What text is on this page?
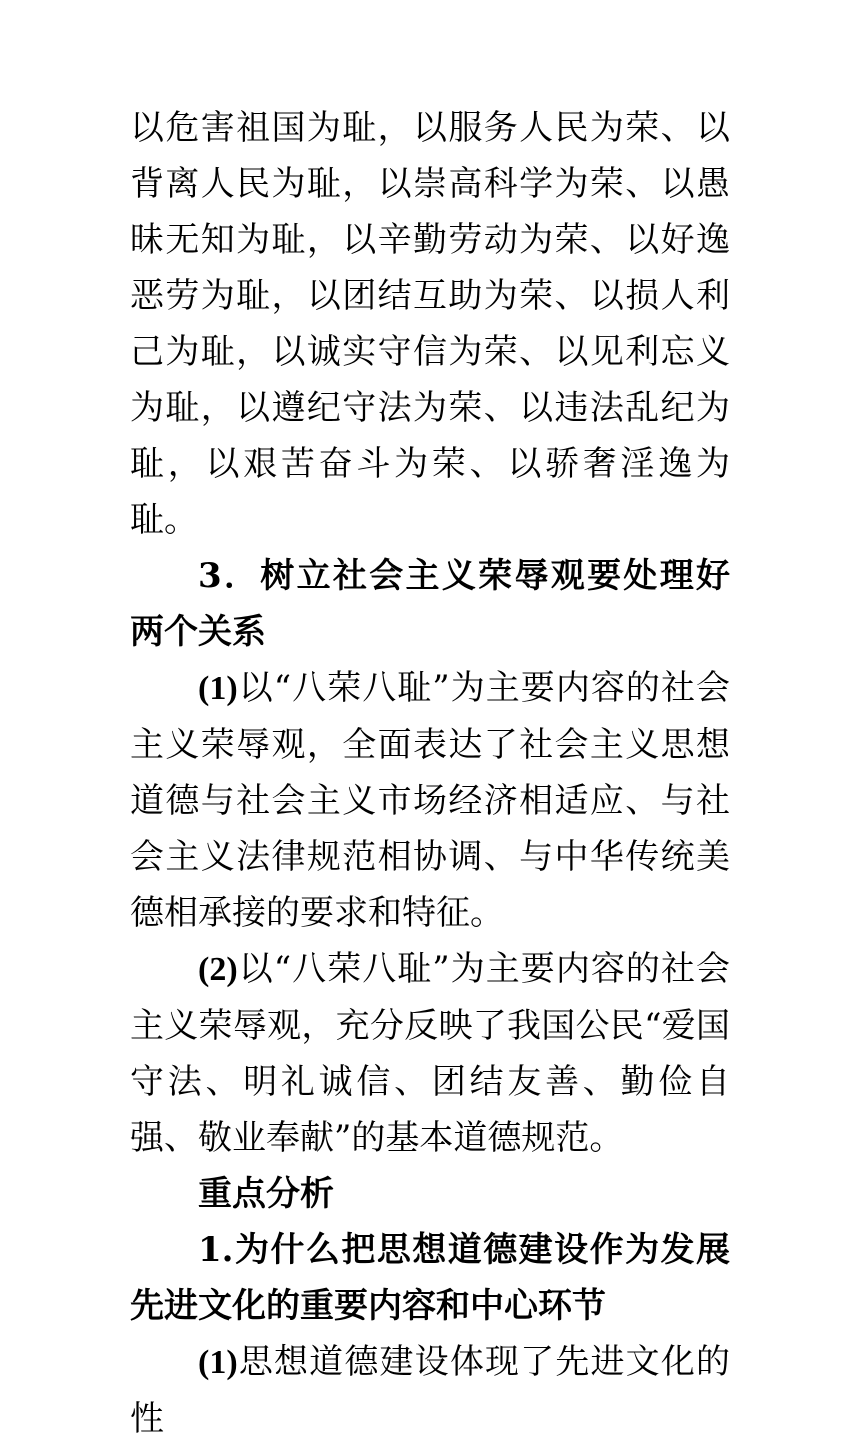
以危害祖国为耻，以服务人民为荣、以背离人民为耻，以崇高科学为荣、以愚昧无知为耻，以辛勤劳动为荣、以好逸恶劳为耻，以团结互助为荣、以损人利己为耻，以诚实守信为荣、以见利忘义为耻，以遵纪守法为荣、以违法乱纪为耻，以艰苦奋斗为荣、以骄奢淫逸为耻。

3．树立社会主义荣辱观要处理好两个关系

(1)以“八荣八耻”为主要内容的社会主义荣辱观，全面表达了社会主义思想道德与社会主义市场经济相适应、与社会主义法律规范相协调、与中华传统美德相承接的要求和特征。

(2)以“八荣八耻”为主要内容的社会主义荣辱观，充分反映了我国公民“爱国守法、明礼诚信、团结友善、勤俭自强、敬业奉献”的基本道德规范。

重点分析

1.为什么把思想道德建设作为发展先进文化的重要内容和中心环节

(1)思想道德建设体现了先进文化的性
